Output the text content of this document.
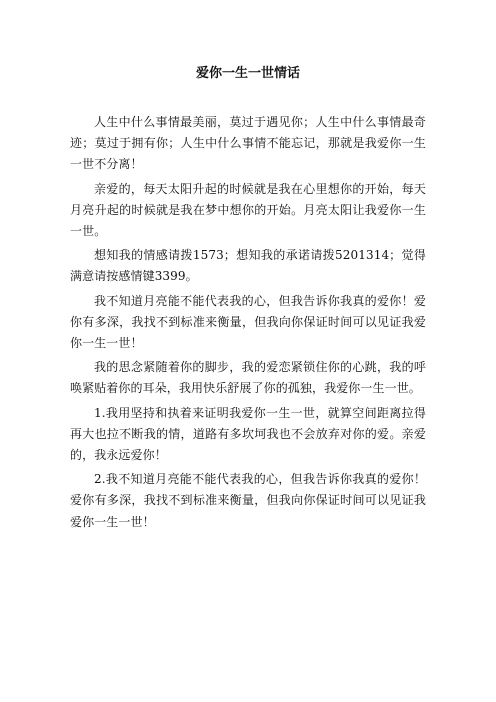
爱你一生一世情话

人生中什么事情最美丽，莫过于遇见你；人生中什么事情最奇迹；莫过于拥有你；人生中什么事情不能忘记，那就是我爱你一生一世不分离！

亲爱的，每天太阳升起的时候就是我在心里想你的开始，每天月亮升起的时候就是我在梦中想你的开始。月亮太阳让我爱你一生一世。

想知我的情感请拨1573；想知我的承诺请拨5201314；觉得满意请按感情键3399。

我不知道月亮能不能代表我的心，但我告诉你我真的爱你！爱你有多深，我找不到标准来衡量，但我向你保证时间可以见证我爱你一生一世！

我的思念紧随着你的脚步，我的爱恋紧锁住你的心跳，我的呼唤紧贴着你的耳朵，我用快乐舒展了你的孤独，我爱你一生一世。

1.我用坚持和执着来证明我爱你一生一世，就算空间距离拉得再大也拉不断我的情，道路有多坎坷我也不会放弃对你的爱。亲爱的，我永远爱你！

2.我不知道月亮能不能代表我的心，但我告诉你我真的爱你！爱你有多深，我找不到标准来衡量，但我向你保证时间可以见证我爱你一生一世！
